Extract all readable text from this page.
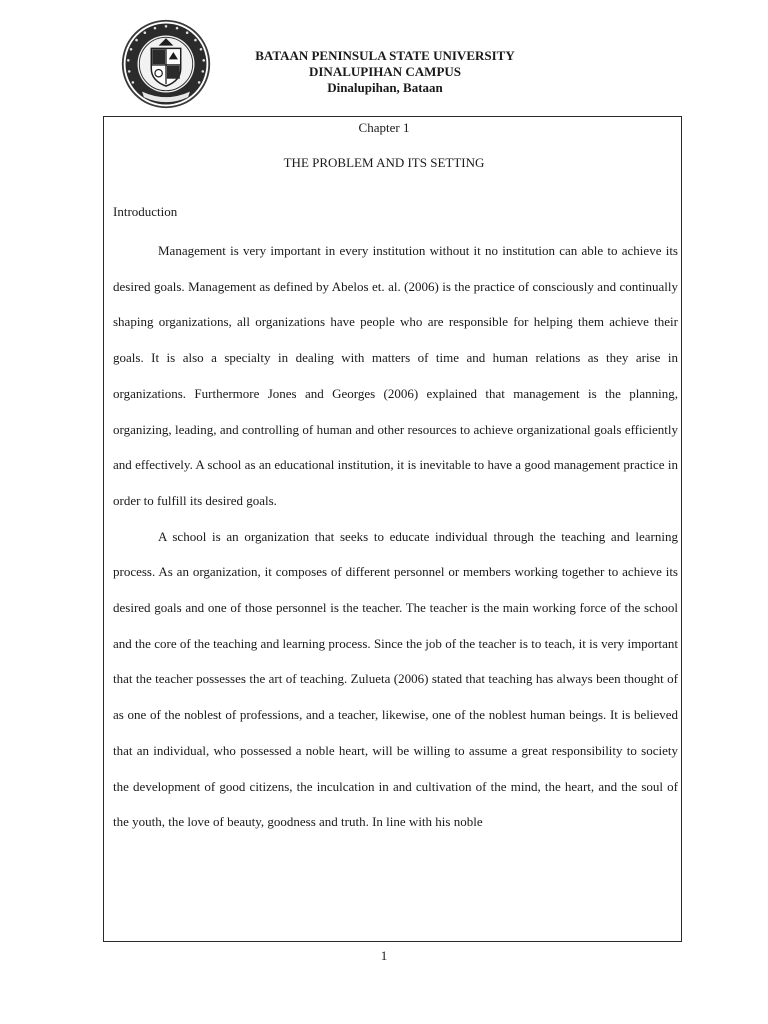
BATAAN PENINSULA STATE UNIVERSITY
DINALUPIHAN CAMPUS
Dinalupihan, Bataan
Chapter 1
THE PROBLEM AND ITS SETTING
Introduction

Management is very important in every institution without it no institution can able to achieve its desired goals. Management as defined by Abelos et. al. (2006) is the practice of consciously and continually shaping organizations, all organizations have people who are responsible for helping them achieve their goals. It is also a specialty in dealing with matters of time and human relations as they arise in organizations. Furthermore Jones and Georges (2006) explained that management is the planning, organizing, leading, and controlling of human and other resources to achieve organizational goals efficiently and effectively. A school as an educational institution, it is inevitable to have a good management practice in order to fulfill its desired goals.

A school is an organization that seeks to educate individual through the teaching and learning process. As an organization, it composes of different personnel or members working together to achieve its desired goals and one of those personnel is the teacher. The teacher is the main working force of the school and the core of the teaching and learning process. Since the job of the teacher is to teach, it is very important that the teacher possesses the art of teaching. Zulueta (2006) stated that teaching has always been thought of as one of the noblest of professions, and a teacher, likewise, one of the noblest human beings. It is believed that an individual, who possessed a noble heart, will be willing to assume a great responsibility to society the development of good citizens, the inculcation in and cultivation of the mind, the heart, and the soul of the youth, the love of beauty, goodness and truth. In line with his noble

1
